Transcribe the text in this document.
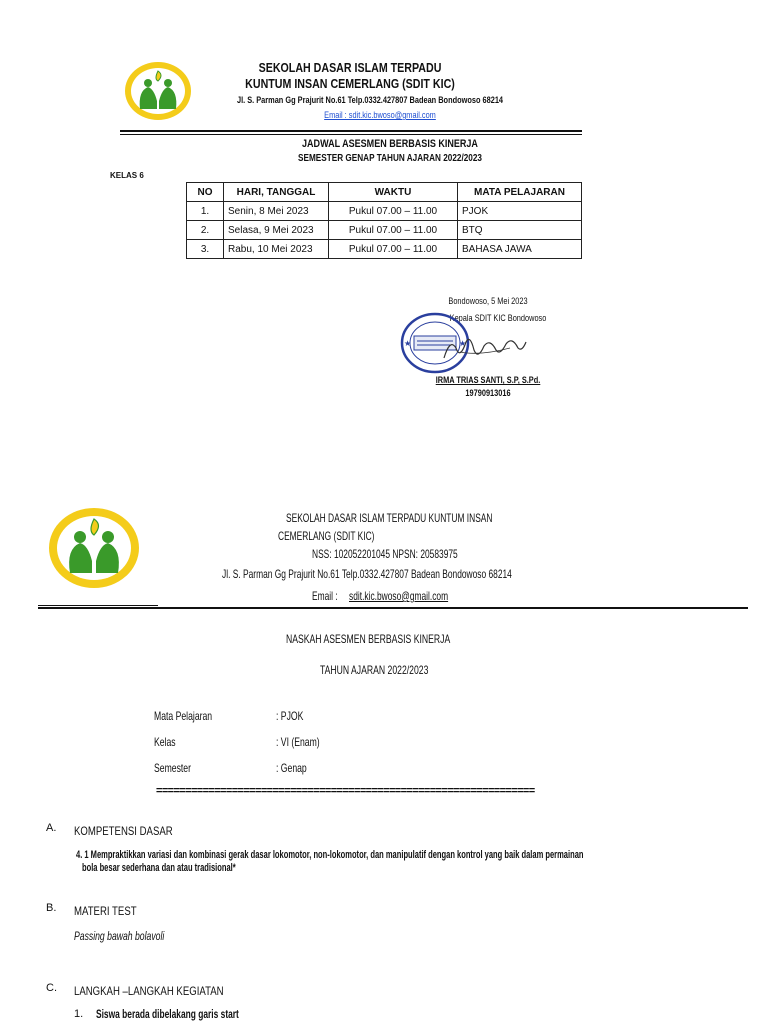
SEKOLAH DASAR ISLAM TERPADU
KUNTUM INSAN CEMERLANG (SDIT KIC)
Jl. S. Parman Gg Prajurit No.61 Telp.0332.427807 Badean Bondowoso 68214
Email : sdit.kic.bwoso@gmail.com
JADWAL ASESMEN BERBASIS KINERJA
SEMESTER GENAP TAHUN AJARAN 2022/2023
KELAS 6
NO	HARI, TANGGAL	WAKTU	MATA PELAJARAN
1.	Senin, 8 Mei 2023	Pukul 07.00 – 11.00	PJOK
2.	Selasa, 9 Mei 2023	Pukul 07.00 – 11.00	BTQ
3.	Rabu, 10 Mei 2023	Pukul 07.00 – 11.00	BAHASA JAWA
Bondowoso, 5 Mei 2023
Kepala SDIT KIC Bondowoso
★	★
IRMA TRIAS SANTI, S.P, S.Pd.
19790913016
SEKOLAH DASAR ISLAM TERPADU KUNTUM INSAN
CEMERLANG (SDIT KIC)
NSS: 102052201045 NPSN: 20583975
Jl. S. Parman Gg Prajurit No.61 Telp.0332.427807 Badean Bondowoso 68214
Email : sdit.kic.bwoso@gmail.com
NASKAH ASESMEN BERBASIS KINERJA
TAHUN AJARAN 2022/2023
Mata Pelajaran	: PJOK
Kelas	: VI (Enam)
Semester	: Genap
=================================================================
A. KOMPETENSI DASAR
4. 1 Mempraktikkan variasi dan kombinasi gerak dasar lokomotor, non-lokomotor, dan manipulatif dengan kontrol yang baik dalam permainan
bola besar sederhana dan atau tradisional*
B. MATERI TEST
Passing bawah bolavoli
C. LANGKAH –LANGKAH KEGIATAN
1. Siswa berada dibelakang garis start
